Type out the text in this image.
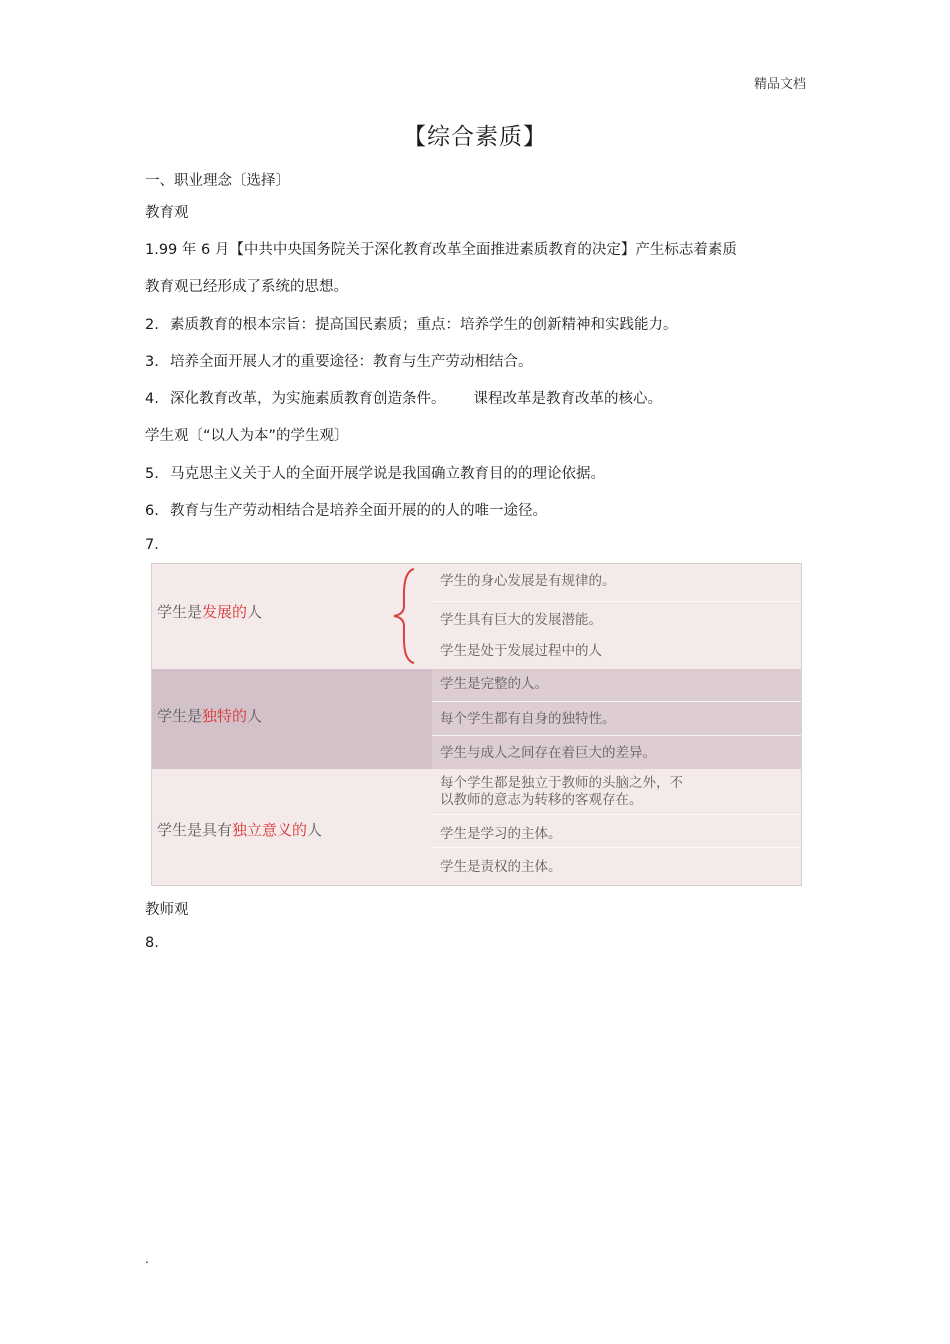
精品文档
【综合素质】
一、职业理念〔选择〕
教育观
1.99 年 6 月【中共中央国务院关于深化教育改革全面推进素质教育的决定】产生标志着素质
教育观已经形成了系统的思想。
2. 素质教育的根本宗旨：提高国民素质；重点：培养学生的创新精神和实践能力。
3. 培养全面开展人才的重要途径：教育与生产劳动相结合。
4. 深化教育改革，为实施素质教育创造条件。 课程改革是教育改革的核心。
学生观〔“以人为本”的学生观〕
5. 马克思主义关于人的全面开展学说是我国确立教育目的的理论依据。
6. 教育与生产劳动相结合是培养全面开展的的人的唯一途径。
7.
学生是发展的人
学生的身心发展是有规律的。
学生具有巨大的发展潜能。
学生是处于发展过程中的人
学生是独特的人
学生是完整的人。
每个学生都有自身的独特性。
学生与成人之间存在着巨大的差异。
学生是具有独立意义的人
每个学生都是独立于教师的头脑之外，不
以教师的意志为转移的客观存在。
学生是学习的主体。
学生是责权的主体。
教师观
8.
.
